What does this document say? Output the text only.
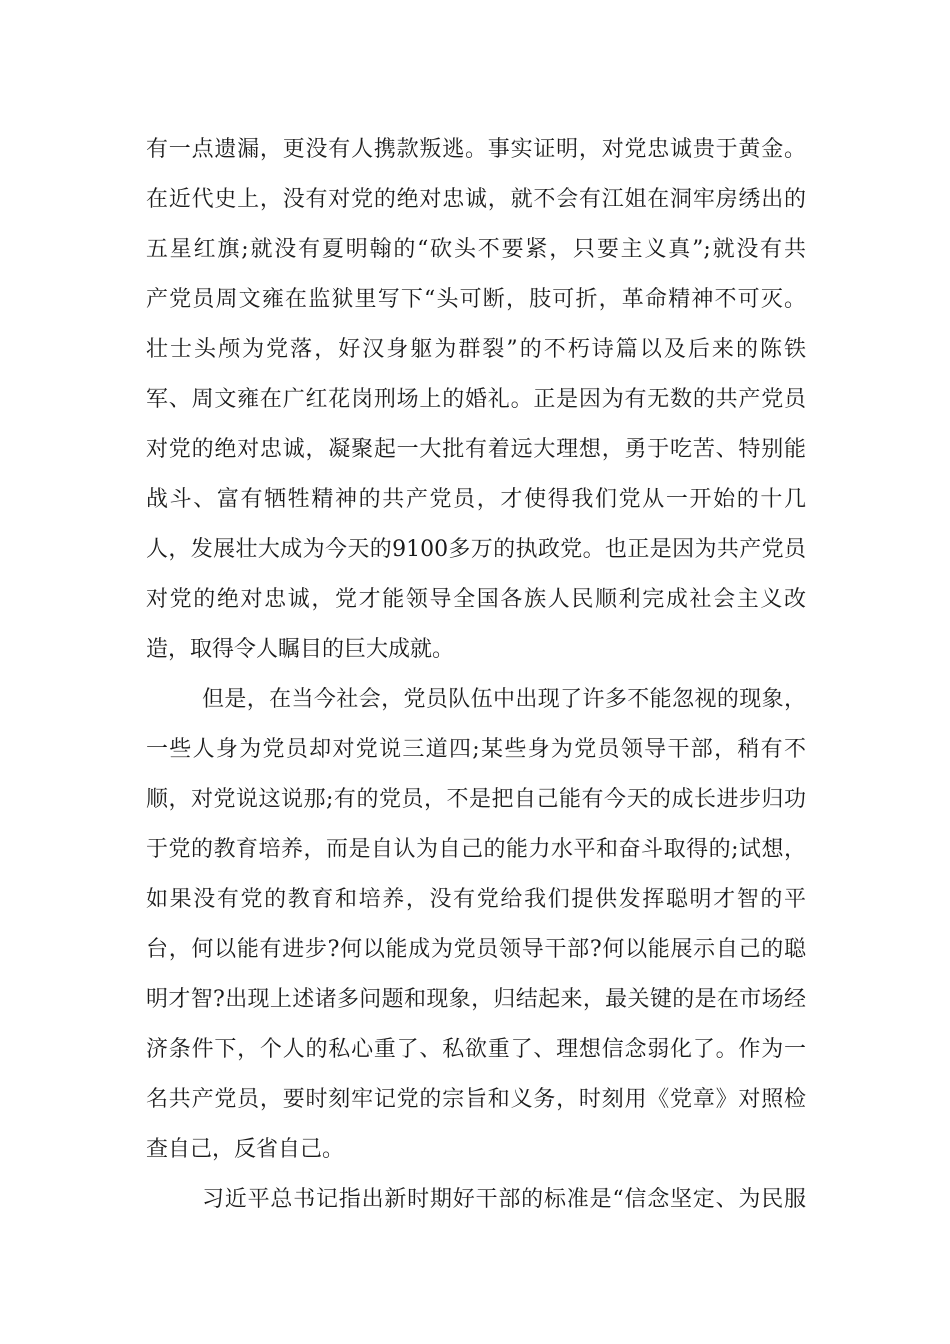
有一点遗漏，更没有人携款叛逃。事实证明，对党忠诚贵于黄金。
在近代史上，没有对党的绝对忠诚，就不会有江姐在洞牢房绣出的
五星红旗;就没有夏明翰的“砍头不要紧，只要主义真”;就没有共
产党员周文雍在监狱里写下“头可断，肢可折，革命精神不可灭。
壮士头颅为党落，好汉身躯为群裂”的不朽诗篇以及后来的陈铁
军、周文雍在广红花岗刑场上的婚礼。正是因为有无数的共产党员
对党的绝对忠诚，凝聚起一大批有着远大理想，勇于吃苦、特别能
战斗、富有牺牲精神的共产党员，才使得我们党从一开始的十几
人，发展壮大成为今天的9100多万的执政党。也正是因为共产党员
对党的绝对忠诚，党才能领导全国各族人民顺利完成社会主义改
造，取得令人瞩目的巨大成就。
但是，在当今社会，党员队伍中出现了许多不能忽视的现象，
一些人身为党员却对党说三道四;某些身为党员领导干部，稍有不
顺，对党说这说那;有的党员，不是把自己能有今天的成长进步归功
于党的教育培养，而是自认为自己的能力水平和奋斗取得的;试想，
如果没有党的教育和培养，没有党给我们提供发挥聪明才智的平
台，何以能有进步?何以能成为党员领导干部?何以能展示自己的聪
明才智?出现上述诸多问题和现象，归结起来，最关键的是在市场经
济条件下，个人的私心重了、私欲重了、理想信念弱化了。作为一
名共产党员，要时刻牢记党的宗旨和义务，时刻用《党章》对照检
查自己，反省自己。
习近平总书记指出新时期好干部的标准是“信念坚定、为民服
